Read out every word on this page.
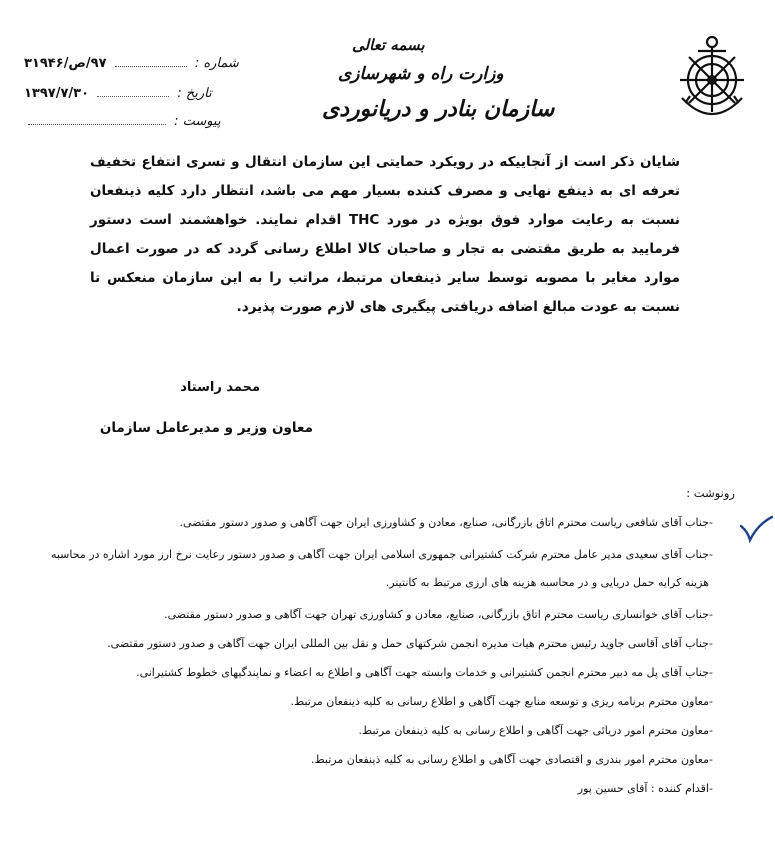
بسمه تعالی
وزارت راه و شهرسازی
سازمان بنادر و دریانوردی
شماره :  ۹۷/ص/۳۱۹۴۶
تاریخ :  ۱۳۹۷/۷/۳۰
پیوست :

شایان ذکر است از آنجاییکه در رویکرد حمایتی این سازمان انتقال و تسری انتفاع تخفیف تعرفه ای به ذینفع نهایی و مصرف کننده بسیار مهم می باشد، انتظار دارد کلیه ذینفعان نسبت به رعایت موارد فوق بویژه در مورد THC اقدام نمایند. خواهشمند است دستور فرمایید به طریق مقتضی به تجار و صاحبان کالا اطلاع رسانی گردد که در صورت اعمال موارد مغایر با مصوبه توسط سایر ذینفعان مرتبط، مراتب را به این سازمان منعکس تا نسبت به عودت مبالغ اضافه دریافتی پیگیری های لازم صورت پذیرد.

محمد راستاد
معاون وزیر و مدیرعامل سازمان
رونوشت :
-
جناب آقای شافعی ریاست محترم اتاق بازرگانی، صنایع، معادن و کشاورزی ایران جهت آگاهی و صدور دستور مقتضی.
-
جناب آقای سعیدی مدیر عامل محترم شرکت کشتیرانی جمهوری اسلامی ایران جهت آگاهی و صدور دستور رعایت نرخ ارز مورد اشاره در محاسبه هزینه کرایه حمل دریایی و در محاسبه هزینه های ارزی مرتبط به کانتینر.
-
جناب آقای خوانساری ریاست محترم اتاق بازرگانی، صنایع، معادن و کشاورزی تهران جهت آگاهی و صدور دستور مقتضی.
-
جناب آقای آقاسی جاوید رئیس محترم هیات مدیره انجمن شرکتهای حمل و نقل بین المللی ایران جهت آگاهی و صدور دستور مقتضی.
-
جناب آقای پل مه دبیر محترم انجمن کشتیرانی و خدمات وابسته جهت آگاهی و اطلاع به اعضاء و نمایندگیهای خطوط کشتیرانی.
-
معاون محترم برنامه ریزی و توسعه منابع جهت آگاهی و اطلاع رسانی به کلیه ذینفعان مرتبط.
-
معاون محترم امور دریائی جهت آگاهی و اطلاع رسانی به کلیه ذینفعان مرتبط.
-
معاون محترم امور بندری و اقتصادی جهت آگاهی و اطلاع رسانی به کلیه ذینفعان مرتبط.
-
اقدام کننده : آقای حسین پور
